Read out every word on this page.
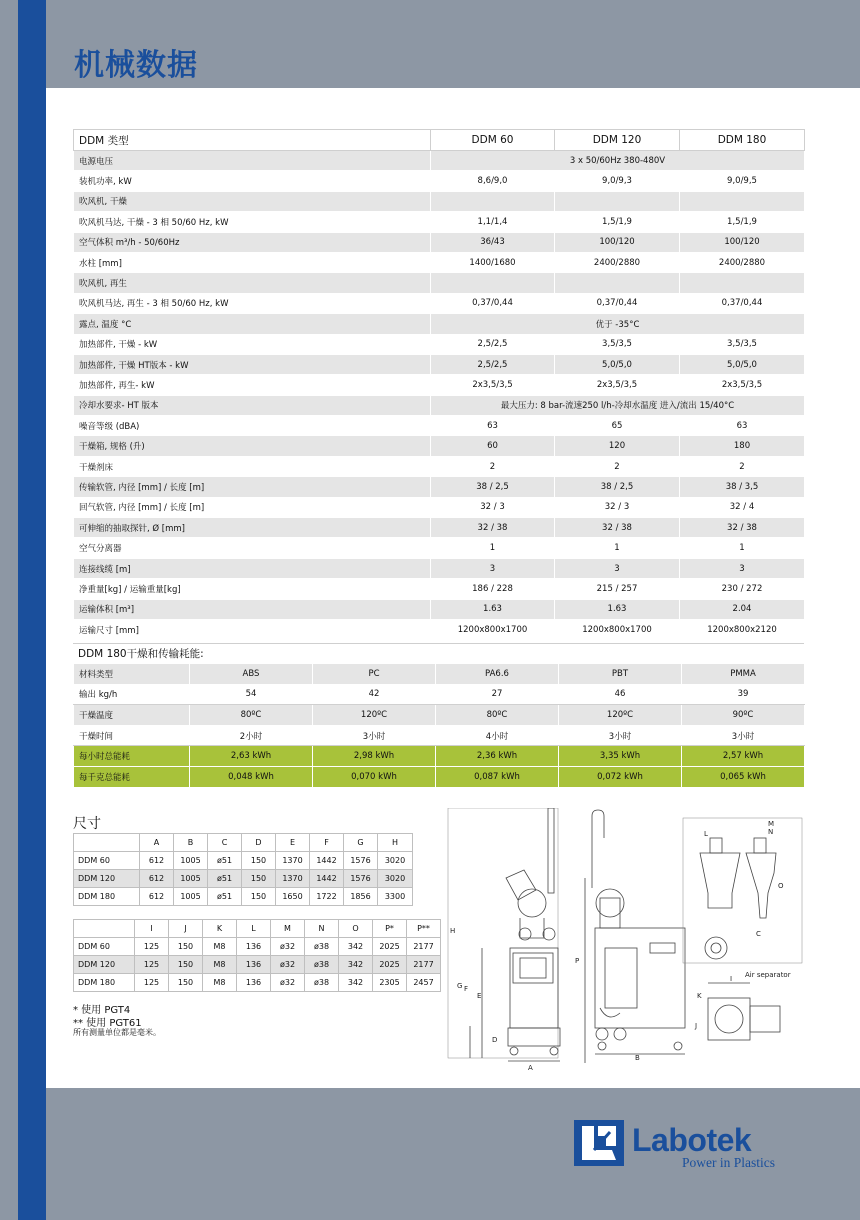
机械数据
DDM 类型	DDM 60	DDM 120	DDM 180
电源电压	3 x 50/60Hz 380-480V		
装机功率, kW	8,6/9,0	9,0/9,3	9,0/9,5
吹风机, 干燥			
吹风机马达, 干燥 - 3 相 50/60 Hz, kW	1,1/1,4	1,5/1,9	1,5/1,9
空气体积 m³/h - 50/60Hz	36/43	100/120	100/120
水柱 [mm]	1400/1680	2400/2880	2400/2880
吹风机, 再生			
吹风机马达, 再生 - 3 相 50/60 Hz, kW	0,37/0,44	0,37/0,44	0,37/0,44
露点, 温度 °C	优于 -35°C		
加热部件, 干燥 - kW	2,5/2,5	3,5/3,5	3,5/3,5
加热部件, 干燥 HT版本 - kW	2,5/2,5	5,0/5,0	5,0/5,0
加热部件, 再生- kW	2x3,5/3,5	2x3,5/3,5	2x3,5/3,5
冷却水要求- HT 版本	最大压力: 8 bar-流速250 l/h-冷却水温度 进入/流出 15/40°C		
噪音等级 (dBA)	63	65	63
干燥箱, 规格 (升)	60	120	180
干燥剂床	2	2	2
传输软管, 内径 [mm] / 长度 [m]	38 / 2,5	38 / 2,5	38 / 3,5
回气软管, 内径 [mm] / 长度 [m]	32 / 3	32 / 3	32 / 4
可伸缩的抽取探针, Ø [mm]	32 / 38	32 / 38	32 / 38
空气分离器	1	1	1
连接线缆 [m]	3	3	3
净重量[kg] / 运输重量[kg]	186 / 228	215 / 257	230 / 272
运输体积 [m³]	1.63	1.63	2.04
运输尺寸 [mm]	1200x800x1700	1200x800x1700	1200x800x2120
DDM 180干燥和传输耗能:
材料类型	ABS	PC	PA6.6	PBT	PMMA
输出 kg/h	54	42	27	46	39
干燥温度	80ºC	120ºC	80ºC	120ºC	90ºC
干燥时间	2小时	3小时	4小时	3小时	3小时
每小时总能耗	2,63 kWh	2,98 kWh	2,36 kWh	3,35 kWh	2,57 kWh
每千克总能耗	0,048 kWh	0,070 kWh	0,087 kWh	0,072 kWh	0,065 kWh
尺寸
	A	B	C	D	E	F	G	H
DDM 60	612	1005	ø51	150	1370	1442	1576	3020
DDM 120	612	1005	ø51	150	1370	1442	1576	3020
DDM 180	612	1005	ø51	150	1650	1722	1856	3300
	I	J	K	L	M	N	O	P*	P**
DDM 60	125	150	M8	136	ø32	ø38	342	2025	2177
DDM 120	125	150	M8	136	ø32	ø38	342	2025	2177
DDM 180	125	150	M8	136	ø32	ø38	342	2305	2457
* 使用 PGT4
** 使用 PGT61
所有测量单位都是毫米。
H
G F
E
D
A
P
B
L
M
N
O
C
K
J
I Air separator
Labotek
Power in Plastics
